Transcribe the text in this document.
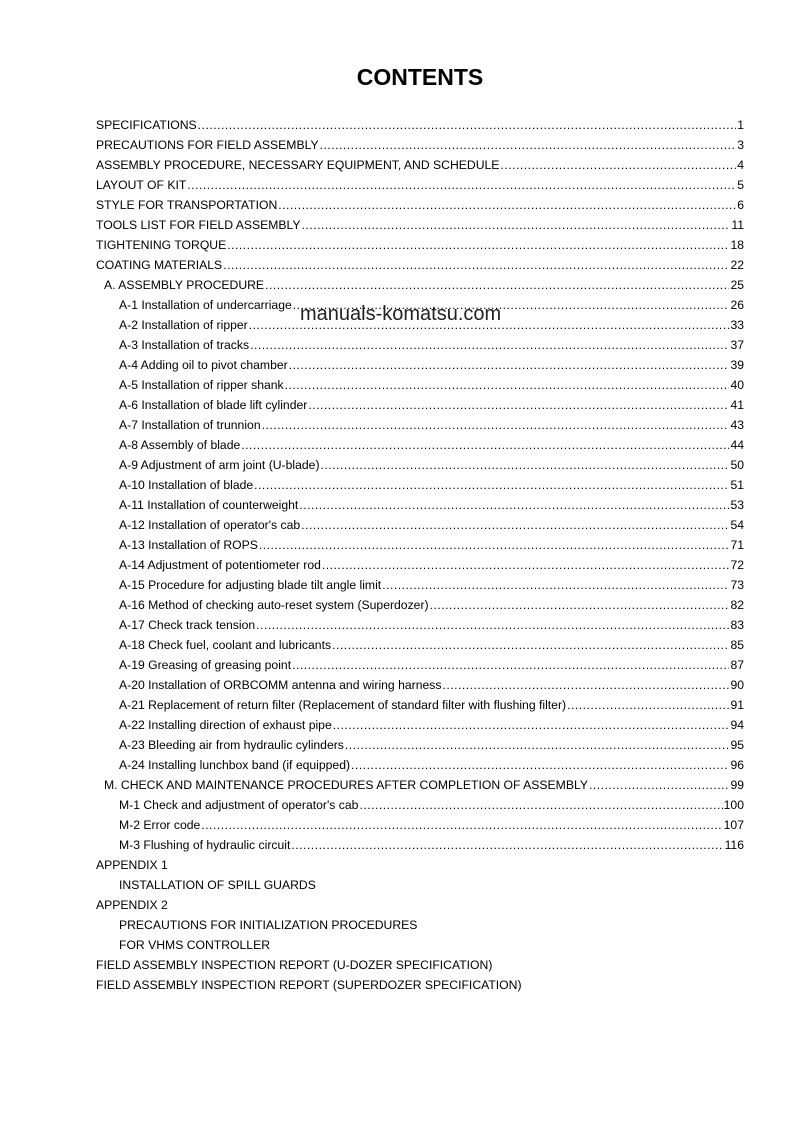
CONTENTS
manuals-komatsu.com
SPECIFICATIONS
.....	1
PRECAUTIONS FOR FIELD ASSEMBLY
.....	3
ASSEMBLY PROCEDURE, NECESSARY EQUIPMENT, AND SCHEDULE
.....	4
LAYOUT OF KIT
.....	5
STYLE FOR TRANSPORTATION
.....	6
TOOLS LIST FOR FIELD ASSEMBLY
.....	11
TIGHTENING TORQUE
.....	18
COATING MATERIALS
.....	22
A. ASSEMBLY PROCEDURE
.....	25
A-1 Installation of undercarriage
.....	26
A-2 Installation of ripper
.....	33
A-3 Installation of tracks
.....	37
A-4 Adding oil to pivot chamber
.....	39
A-5 Installation of ripper shank
.....	40
A-6 Installation of blade lift cylinder
.....	41
A-7 Installation of trunnion
.....	43
A-8 Assembly of blade
.....	44
A-9 Adjustment of arm joint (U-blade)
.....	50
A-10 Installation of blade
.....	51
A-11 Installation of counterweight
.....	53
A-12 Installation of operator's cab
.....	54
A-13 Installation of ROPS
.....	71
A-14 Adjustment of potentiometer rod
.....	72
A-15 Procedure for adjusting blade tilt angle limit
.....	73
A-16 Method of checking auto-reset system (Superdozer)
.....	82
A-17 Check track tension
.....	83
A-18 Check fuel, coolant and lubricants
.....	85
A-19 Greasing of greasing point
.....	87
A-20 Installation of ORBCOMM antenna and wiring harness
.....	90
A-21 Replacement of return filter (Replacement of standard filter with flushing filter)
.....	91
A-22 Installing direction of exhaust pipe
.....	94
A-23 Bleeding air from hydraulic cylinders
.....	95
A-24 Installing lunchbox band (if equipped)
.....	96
M. CHECK AND MAINTENANCE PROCEDURES AFTER COMPLETION OF ASSEMBLY
.....	99
M-1 Check and adjustment of operator's cab
.....	100
M-2 Error code
.....	107
M-3 Flushing of hydraulic circuit
.....	116
APPENDIX 1
INSTALLATION OF SPILL GUARDS
APPENDIX 2
PRECAUTIONS FOR INITIALIZATION PROCEDURES
FOR VHMS CONTROLLER
FIELD ASSEMBLY INSPECTION REPORT (U-DOZER SPECIFICATION)
FIELD ASSEMBLY INSPECTION REPORT (SUPERDOZER SPECIFICATION)
